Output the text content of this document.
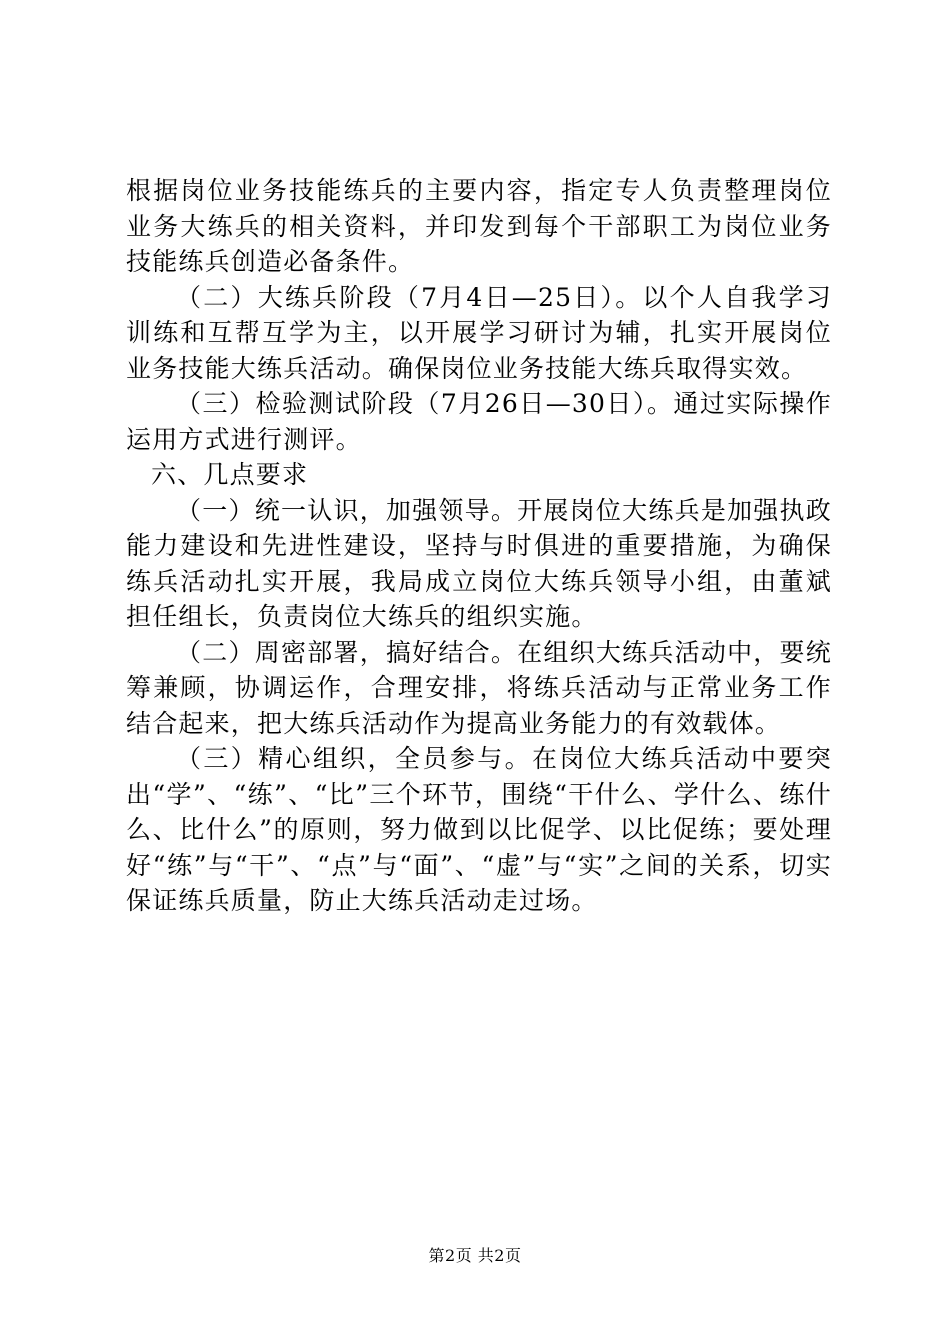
根据岗位业务技能练兵的主要内容，指定专人负责整理岗位业务大练兵的相关资料，并印发到每个干部职工为岗位业务技能练兵创造必备条件。

（二）大练兵阶段（7月4日—25日）。以个人自我学习训练和互帮互学为主，以开展学习研讨为辅，扎实开展岗位业务技能大练兵活动。确保岗位业务技能大练兵取得实效。

（三）检验测试阶段（7月26日—30日）。通过实际操作运用方式进行测评。

六、几点要求

（一）统一认识，加强领导。开展岗位大练兵是加强执政能力建设和先进性建设，坚持与时俱进的重要措施，为确保练兵活动扎实开展，我局成立岗位大练兵领导小组，由董斌担任组长，负责岗位大练兵的组织实施。

（二）周密部署，搞好结合。在组织大练兵活动中，要统筹兼顾，协调运作，合理安排，将练兵活动与正常业务工作结合起来，把大练兵活动作为提高业务能力的有效载体。

（三）精心组织，全员参与。在岗位大练兵活动中要突出“学”、“练”、“比”三个环节，围绕“干什么、学什么、练什么、比什么”的原则，努力做到以比促学、以比促练；要处理好“练”与“干”、“点”与“面”、“虚”与“实”之间的关系，切实保证练兵质量，防止大练兵活动走过场。

第2页 共2页
